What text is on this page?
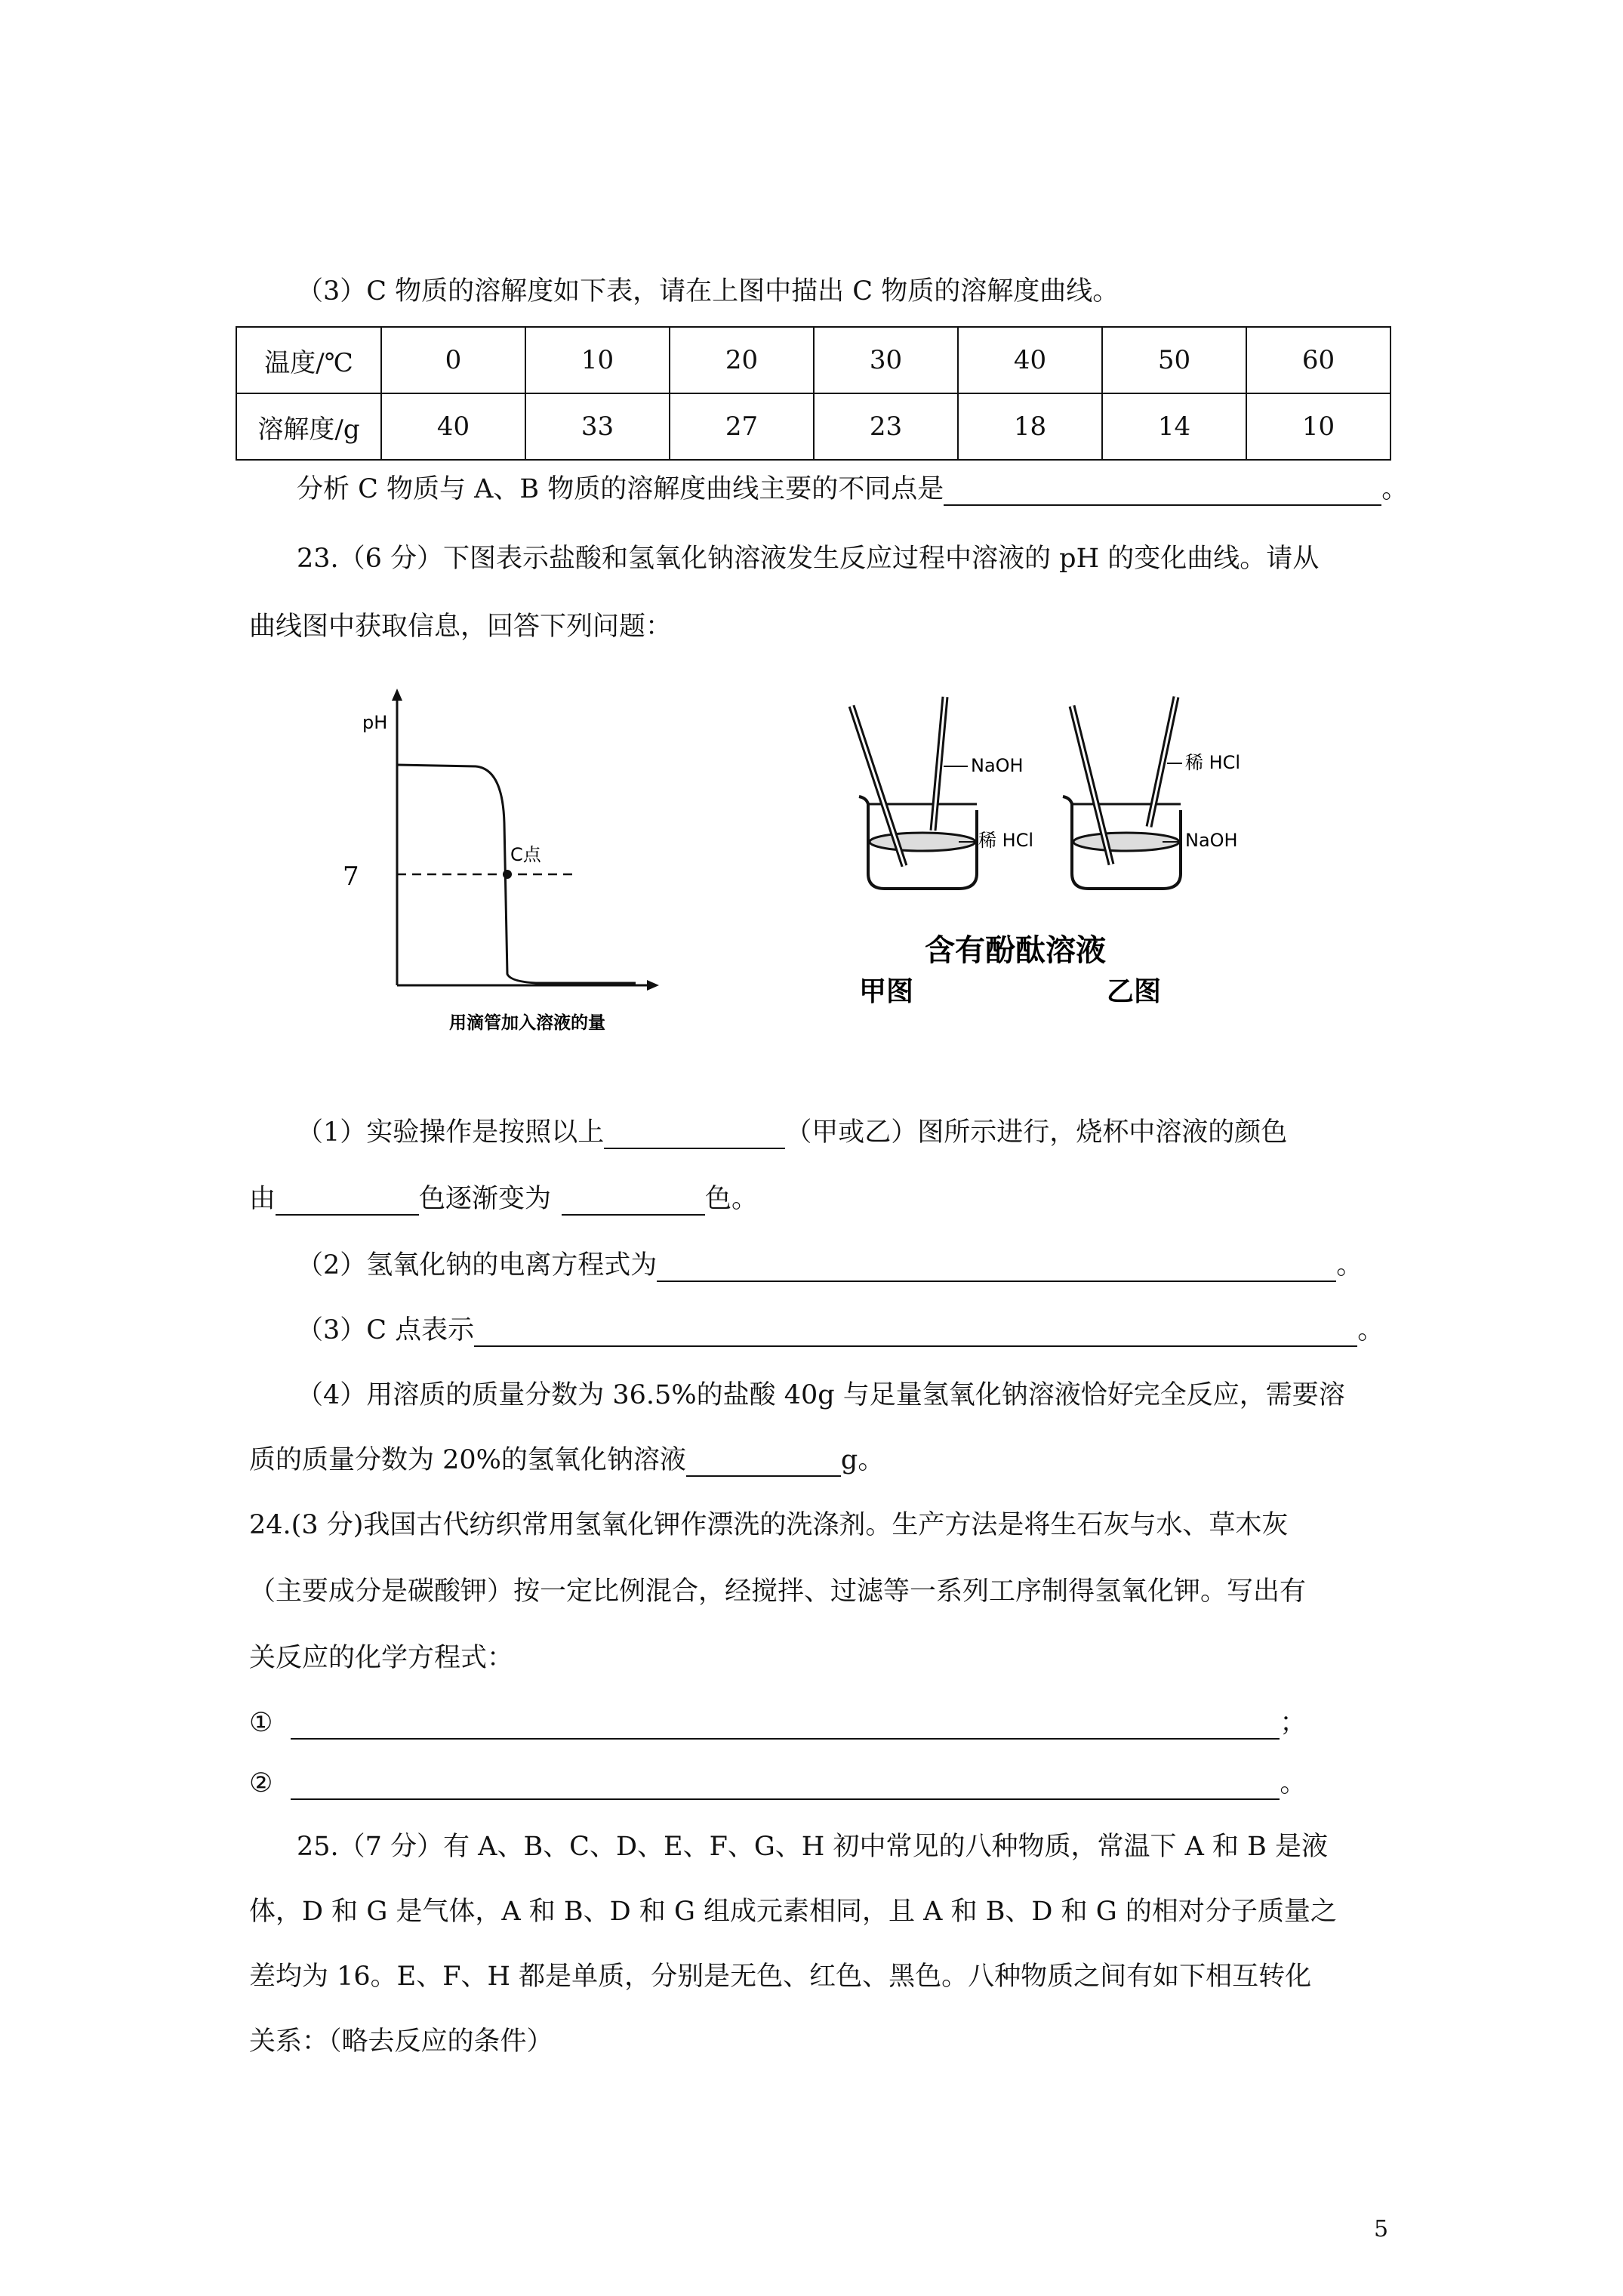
（3）C 物质的溶解度如下表，请在上图中描出 C 物质的溶解度曲线。
温度/℃	0	10	20	30	40	50	60
溶解度/g	40	33	27	23	18	14	10
分析 C 物质与 A、B 物质的溶解度曲线主要的不同点是	。
23.（6 分）下图表示盐酸和氢氧化钠溶液发生反应过程中溶液的 pH 的变化曲线。请从
曲线图中获取信息，回答下列问题：
pH
7
C点
用滴管加入溶液的量
NaOH
稀 HCl
稀 HCl
NaOH
含有酚酞溶液
甲图	乙图
（1）实验操作是按照以上	（甲或乙）图所示进行，烧杯中溶液的颜色
由	色逐渐变为	色。
（2）氢氧化钠的电离方程式为	。
（3）C 点表示	。
（4）用溶质的质量分数为 36.5%的盐酸 40g 与足量氢氧化钠溶液恰好完全反应，需要溶
质的质量分数为 20%的氢氧化钠溶液	g。
24.(3 分)我国古代纺织常用氢氧化钾作漂洗的洗涤剂。生产方法是将生石灰与水、草木灰
（主要成分是碳酸钾）按一定比例混合，经搅拌、过滤等一系列工序制得氢氧化钾。写出有
关反应的化学方程式：
①	；
②	。
25.（7 分）有 A、B、C、D、E、F、G、H 初中常见的八种物质，常温下 A 和 B 是液
体，D 和 G 是气体，A 和 B、D 和 G 组成元素相同，且 A 和 B、D 和 G 的相对分子质量之
差均为 16。E、F、H 都是单质，分别是无色、红色、黑色。八种物质之间有如下相互转化
关系：（略去反应的条件）
5
